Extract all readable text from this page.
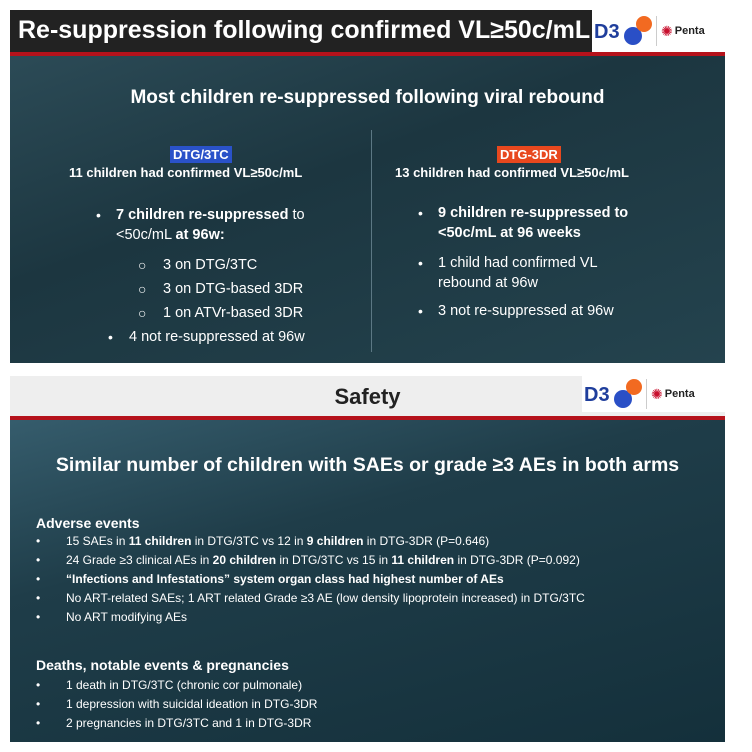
Re-suppression following confirmed VL≥50c/mL D3	✺ Penta
Most children re-suppressed following viral rebound
DTG/3TC
11 children had confirmed VL≥50c/mL
• 7 children re-suppressed to
<50c/mL at 96w:
○ 3 on DTG/3TC
○ 3 on DTG-based 3DR
○ 1 on ATVr-based 3DR
• 4 not re-suppressed at 96w
DTG-3DR
13 children had confirmed VL≥50c/mL
• 9 children re-suppressed to
<50c/mL at 96 weeks
• 1 child had confirmed VL
rebound at 96w
• 3 not re-suppressed at 96w
Safety	D3	✺ Penta
Similar number of children with SAEs or grade ≥3 AEs in both arms
Adverse events
• 15 SAEs in 11 children in DTG/3TC vs 12 in 9 children in DTG-3DR (P=0.646)
• 24 Grade ≥3 clinical AEs in 20 children in DTG/3TC vs 15 in 11 children in DTG-3DR (P=0.092)
• “Infections and Infestations” system organ class had highest number of AEs
• No ART-related SAEs; 1 ART related Grade ≥3 AE (low density lipoprotein increased) in DTG/3TC
• No ART modifying AEs
Deaths, notable events & pregnancies
• 1 death in DTG/3TC (chronic cor pulmonale)
• 1 depression with suicidal ideation in DTG-3DR
• 2 pregnancies in DTG/3TC and 1 in DTG-3DR
